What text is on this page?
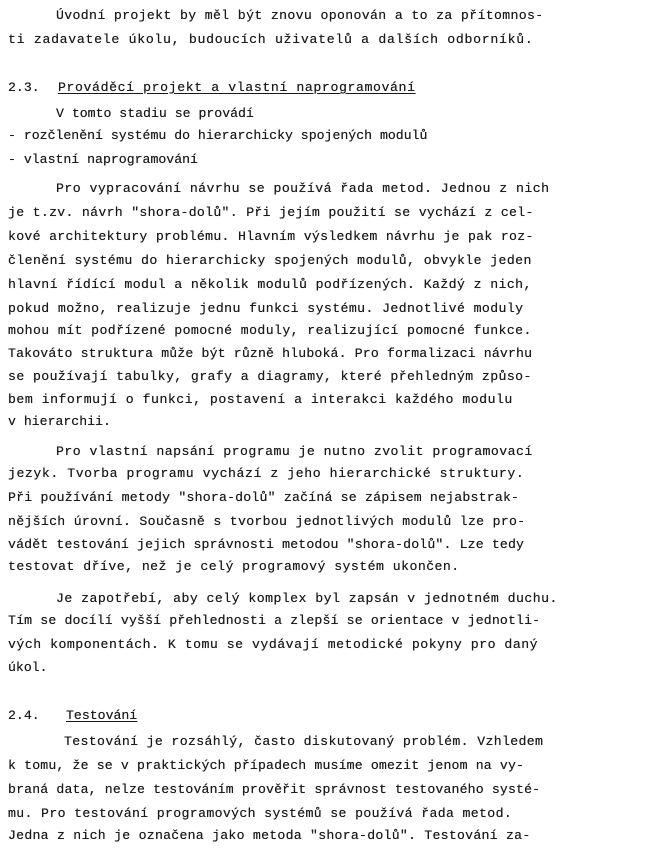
Úvodní projekt by měl být znovu oponován a to za přítomnos-
ti zadavatele úkolu, budoucích uživatelů a dalších odborníků.
2.3. Prováděcí projekt a vlastní naprogramování
V tomto stadiu se provádí
- rozčlenění systému do hierarchicky spojených modulů
- vlastní naprogramování
Pro vypracování návrhu se používá řada metod. Jednou z nich
je t.zv. návrh "shora-dolů". Při jejím použití se vychází z cel-
kové architektury problému. Hlavním výsledkem návrhu je pak roz-
členění systému do hierarchicky spojených modulů, obvykle jeden
hlavní řídící modul a několik modulů podřízených. Každý z nich,
pokud možno, realizuje jednu funkci systému. Jednotlivé moduly
mohou mít podřízené pomocné moduly, realizující pomocné funkce.
Takováto struktura může být různě hluboká. Pro formalizaci návrhu
se používají tabulky, grafy a diagramy, které přehledným způso-
bem informují o funkci, postavení a interakci každého modulu
v hierarchii.
Pro vlastní napsání programu je nutno zvolit programovací
jezyk. Tvorba programu vychází z jeho hierarchické struktury.
Při používání metody "shora-dolů" začíná se zápisem nejabstrak-
nějších úrovní. Současně s tvorbou jednotlivých modulů lze pro-
vádět testování jejich správnosti metodou "shora-dolů". Lze tedy
testovat dříve, než je celý programový systém ukončen.
Je zapotřebí, aby celý komplex byl zapsán v jednotném duchu.
Tím se docílí vyšší přehlednosti a zlepší se orientace v jednotli-
vých komponentách. K tomu se vydávají metodické pokyny pro daný
úkol.
2.4. Testování
Testování je rozsáhlý, často diskutovaný problém. Vzhledem
k tomu, že se v praktických případech musíme omezit jenom na vy-
braná data, nelze testováním prověřit správnost testovaného systé-
mu. Pro testování programových systémů se používá řada metod.
Jedna z nich je označena jako metoda "shora-dolů". Testování za-
